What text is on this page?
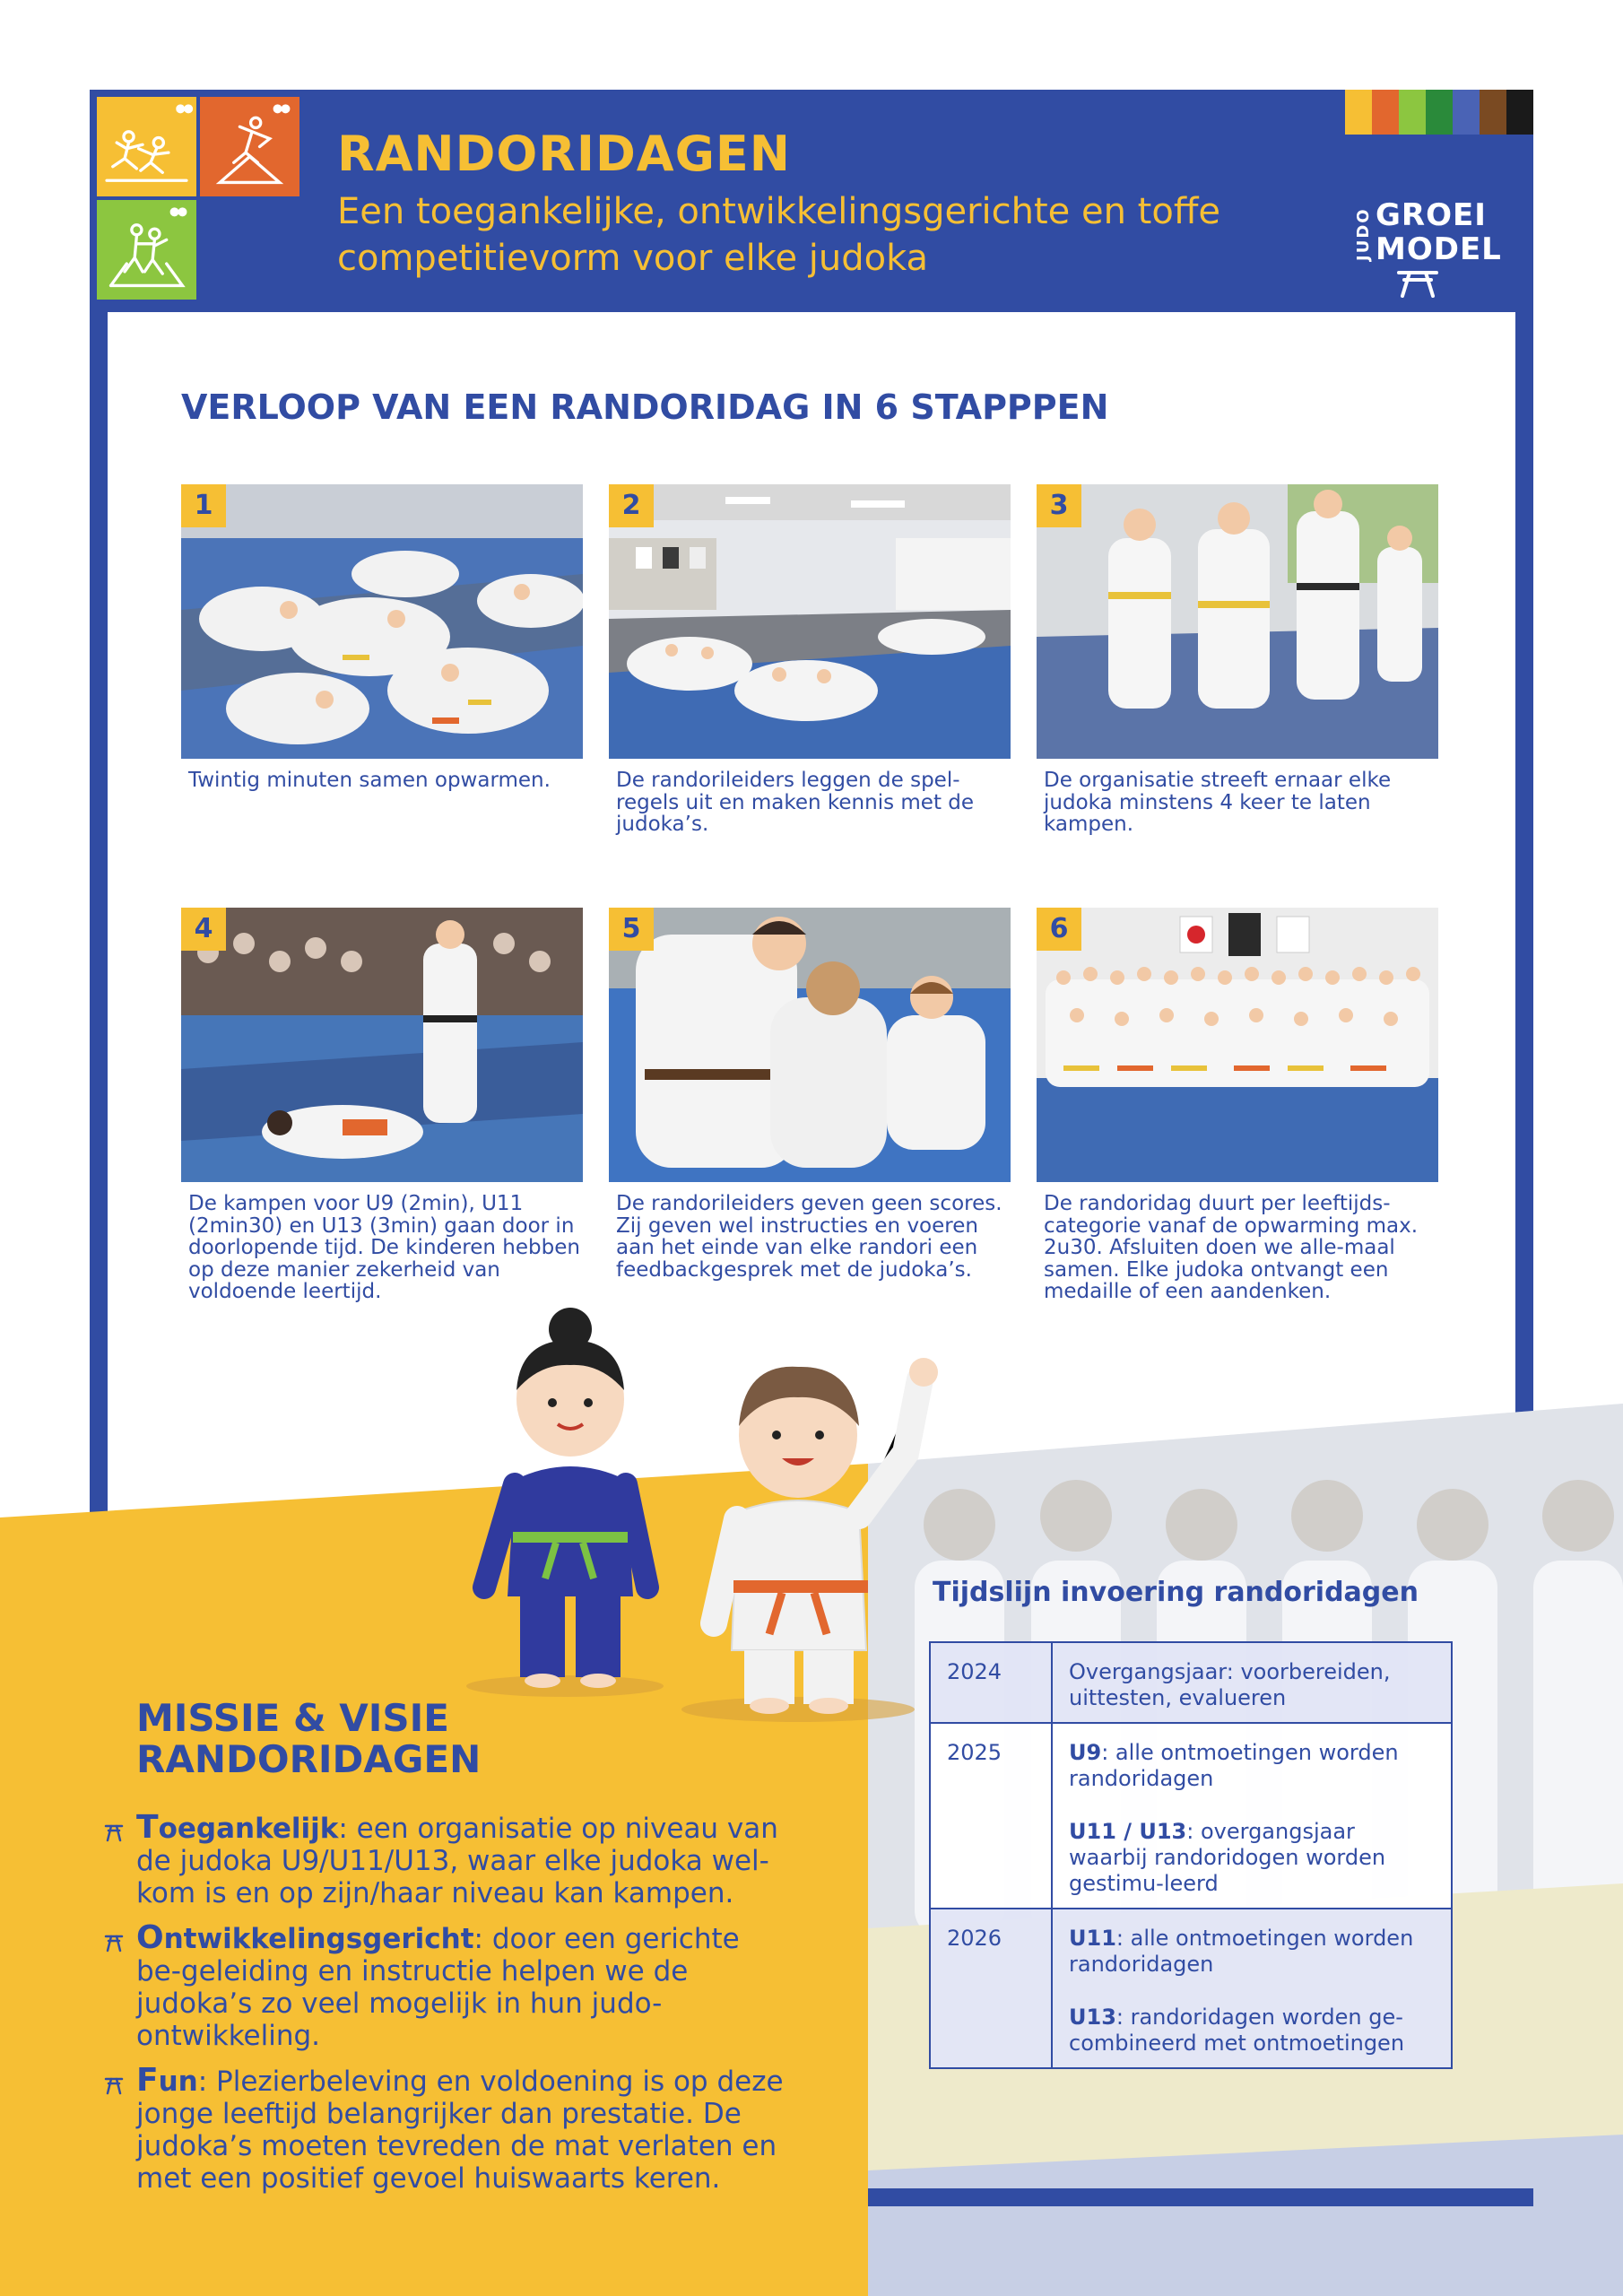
RANDORIDAGEN

Een toegankelijke, ontwikkelingsgerichte en toffe competitievorm voor elke judoka	JUDO GROEI
MODEL
VERLOOP VAN EEN RANDORIDAG IN 6 STAPPPEN
1
Twintig minuten samen opwarmen.
2
De randorileiders leggen de spel-regels uit en maken kennis met de judoka’s.
3
De organisatie streeft ernaar elke judoka minstens 4 keer te laten kampen.
4
De kampen voor U9 (2min), U11 (2min30) en U13 (3min) gaan door in doorlopende tijd. De kinderen hebben op deze manier zekerheid van voldoende leertijd.
5
De randorileiders geven geen scores. Zij geven wel instructies en voeren aan het einde van elke randori een feedbackgesprek met de judoka’s.
6
De randoridag duurt per leeftijds-categorie vanaf de opwarming max. 2u30. Afsluiten doen we alle-maal samen. Elke judoka ontvangt een medaille of een aandenken.
Tijdslijn invoering randoridagen
2024	Overgangsjaar: voorbereiden, uittesten, evalueren

2025	U9: alle ontmoetingen worden randoridagen

U11 / U13: overgangsjaar waarbij randoridogen worden gestimu-leerd

2026	U11: alle ontmoetingen worden randoridagen

U13: randoridagen worden ge-combineerd met ontmoetingen

MISSIE & VISIE RANDORIDAGEN
Toegankelijk: een organisatie op niveau van de judoka U9/U11/U13, waar elke judoka wel-kom is en op zijn/haar niveau kan kampen.
Ontwikkelingsgericht: door een gerichte be-geleiding en instructie helpen we de judoka’s zo veel mogelijk in hun judo-ontwikkeling.
Fun: Plezierbeleving en voldoening is op deze jonge leeftijd belangrijker dan prestatie. De judoka’s moeten tevreden de mat verlaten en met een positief gevoel huiswaarts keren.
